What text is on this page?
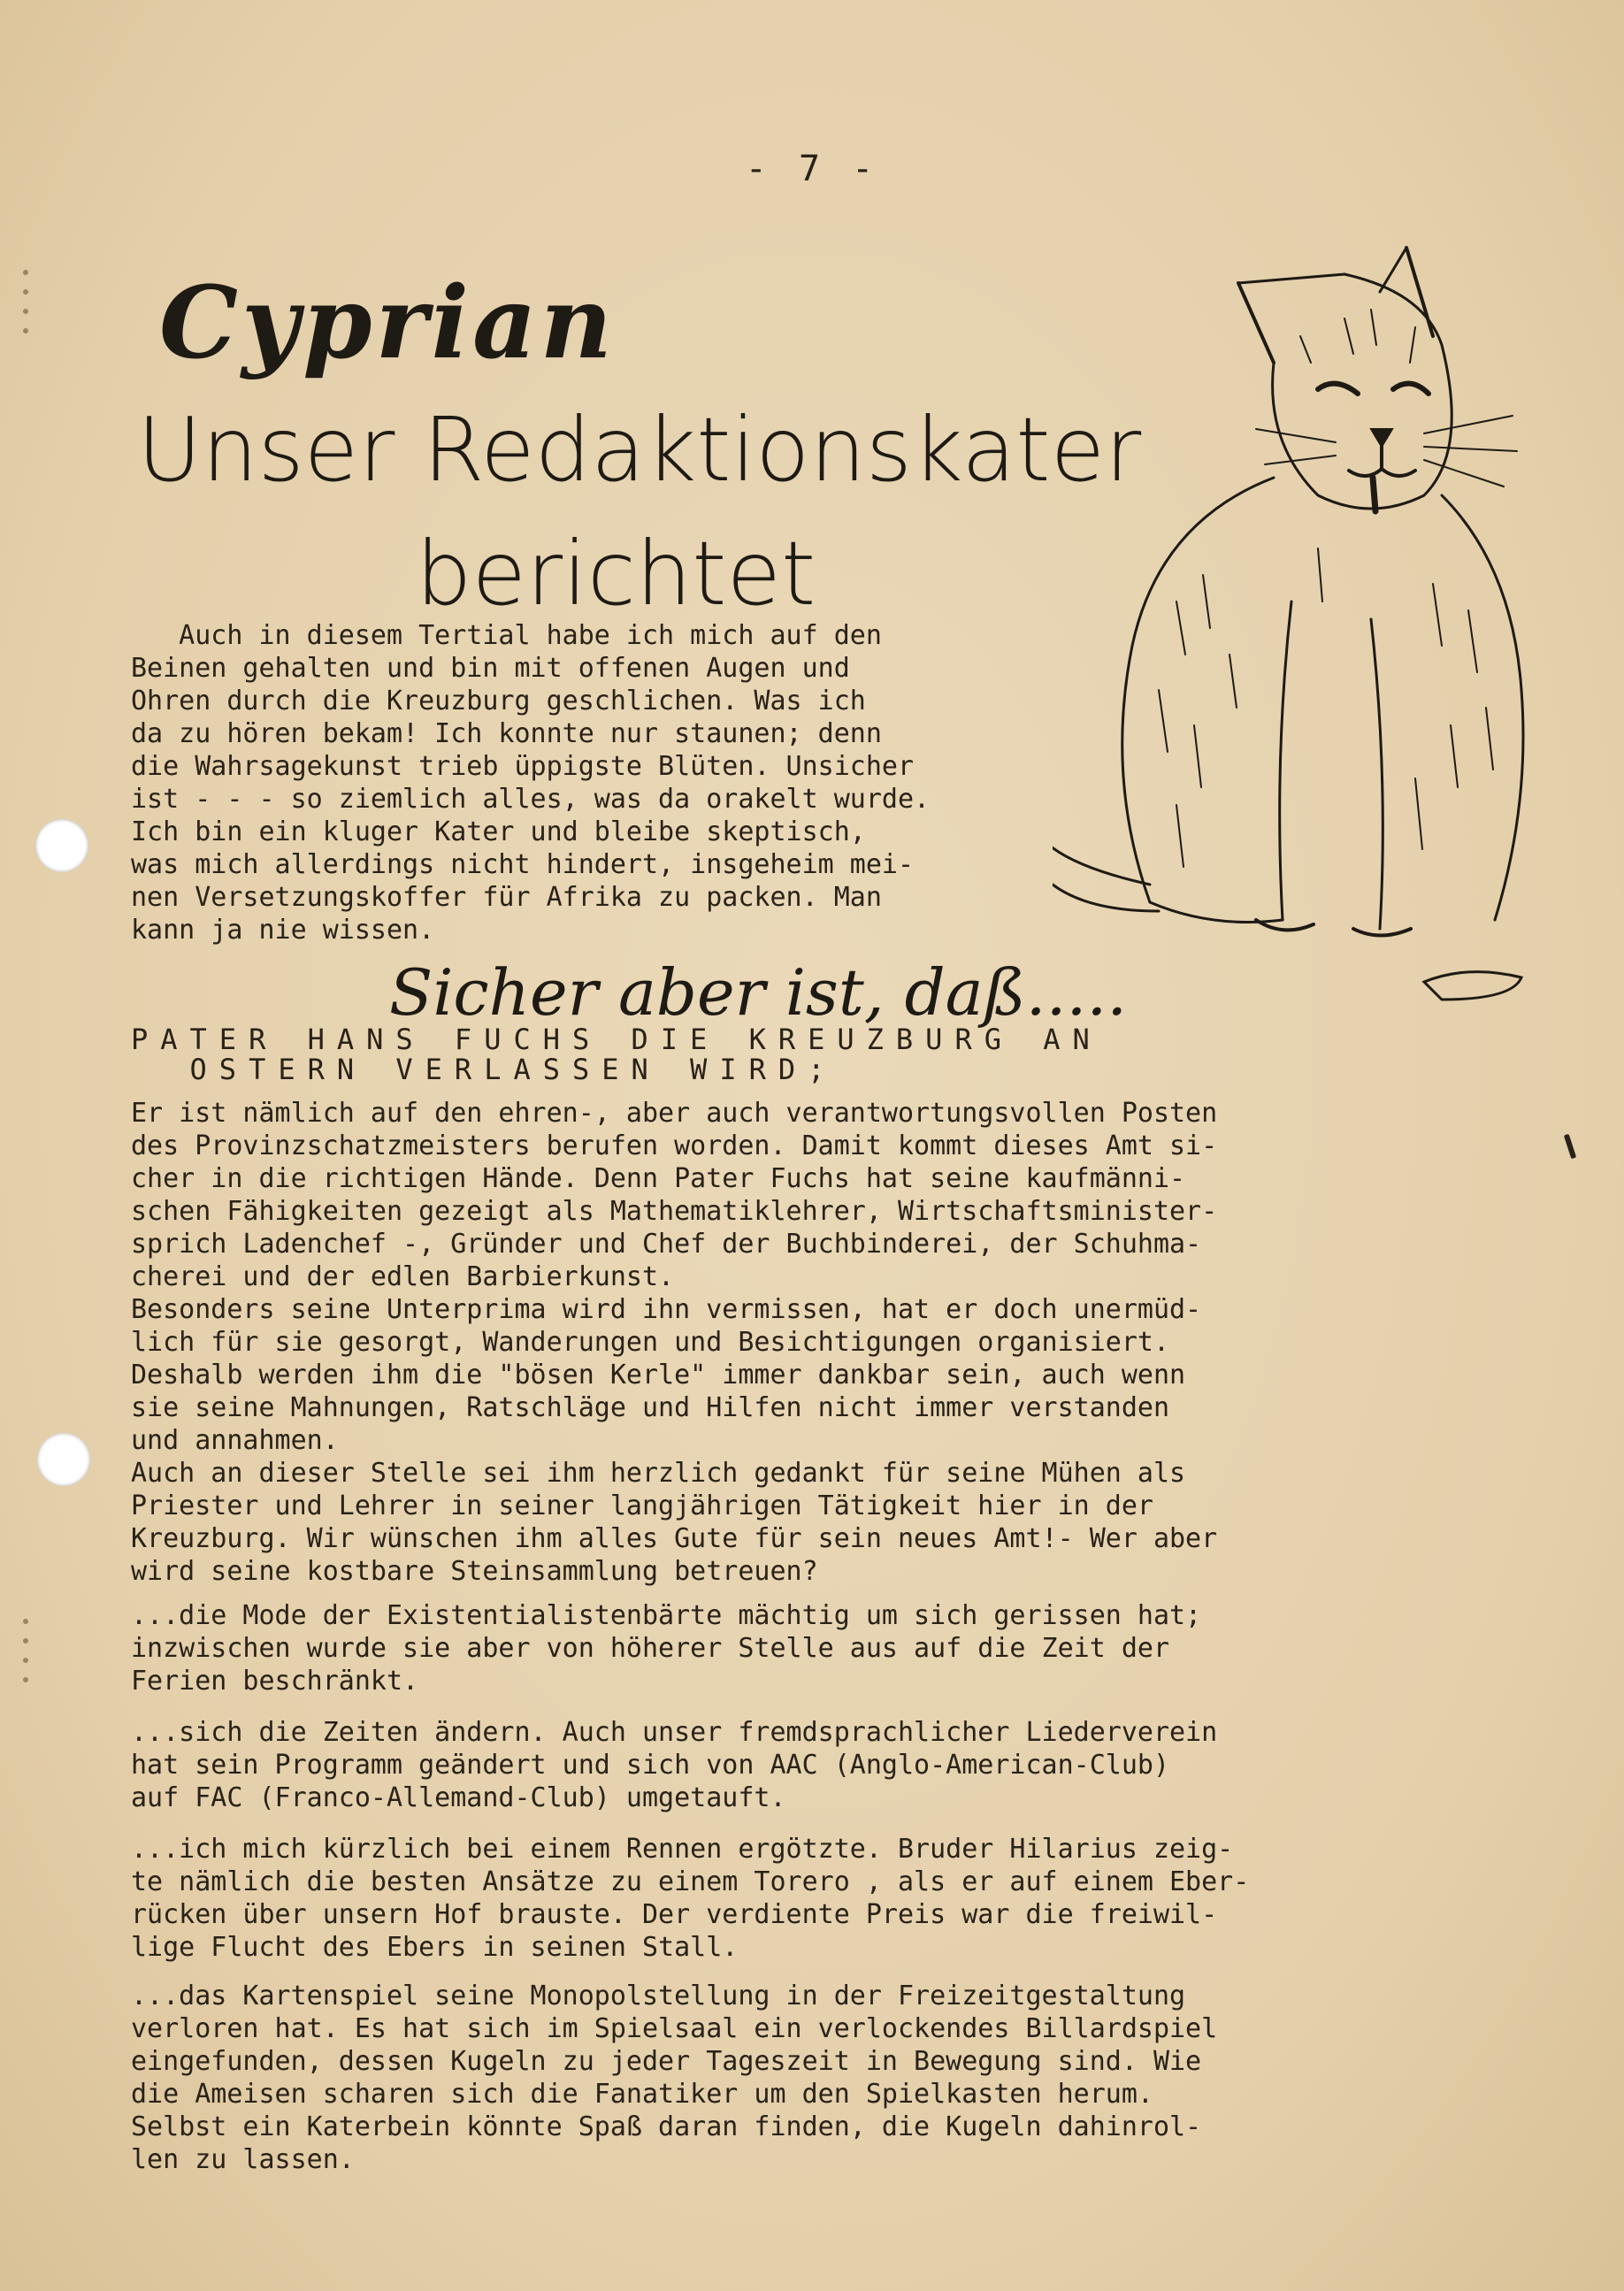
- 7 -
Cyprian
Unser Redaktionskater
berichtet
Auch in diesem Tertial habe ich mich auf den
Beinen gehalten und bin mit offenen Augen und
Ohren durch die Kreuzburg geschlichen. Was ich
da zu hören bekam! Ich konnte nur staunen; denn
die Wahrsagekunst trieb üppigste Blüten. Unsicher
ist - - - so ziemlich alles, was da orakelt wurde.
Ich bin ein kluger Kater und bleibe skeptisch,
was mich allerdings nicht hindert, insgeheim mei-
nen Versetzungskoffer für Afrika zu packen. Man
kann ja nie wissen.
Sicher aber ist, daß.....
PATER HANS FUCHS DIE KREUZBURG AN
OSTERN VERLASSEN WIRD;
Er ist nämlich auf den ehren-, aber auch verantwortungsvollen Posten
des Provinzschatzmeisters berufen worden. Damit kommt dieses Amt si-
cher in die richtigen Hände. Denn Pater Fuchs hat seine kaufmänni-
schen Fähigkeiten gezeigt als Mathematiklehrer, Wirtschaftsminister-
sprich Ladenchef -, Gründer und Chef der Buchbinderei, der Schuhma-
cherei und der edlen Barbierkunst.
Besonders seine Unterprima wird ihn vermissen, hat er doch unermüd-
lich für sie gesorgt, Wanderungen und Besichtigungen organisiert.
Deshalb werden ihm die "bösen Kerle" immer dankbar sein, auch wenn
sie seine Mahnungen, Ratschläge und Hilfen nicht immer verstanden
und annahmen.
Auch an dieser Stelle sei ihm herzlich gedankt für seine Mühen als
Priester und Lehrer in seiner langjährigen Tätigkeit hier in der
Kreuzburg. Wir wünschen ihm alles Gute für sein neues Amt!- Wer aber
wird seine kostbare Steinsammlung betreuen?
...die Mode der Existentialistenbärte mächtig um sich gerissen hat;
inzwischen wurde sie aber von höherer Stelle aus auf die Zeit der
Ferien beschränkt.
...sich die Zeiten ändern. Auch unser fremdsprachlicher Liederverein
hat sein Programm geändert und sich von AAC (Anglo-American-Club)
auf FAC (Franco-Allemand-Club) umgetauft.
...ich mich kürzlich bei einem Rennen ergötzte. Bruder Hilarius zeig-
te nämlich die besten Ansätze zu einem Torero , als er auf einem Eber-
rücken über unsern Hof brauste. Der verdiente Preis war die freiwil-
lige Flucht des Ebers in seinen Stall.
...das Kartenspiel seine Monopolstellung in der Freizeitgestaltung
verloren hat. Es hat sich im Spielsaal ein verlockendes Billardspiel
eingefunden, dessen Kugeln zu jeder Tageszeit in Bewegung sind. Wie
die Ameisen scharen sich die Fanatiker um den Spielkasten herum.
Selbst ein Katerbein könnte Spaß daran finden, die Kugeln dahinrol-
len zu lassen.
